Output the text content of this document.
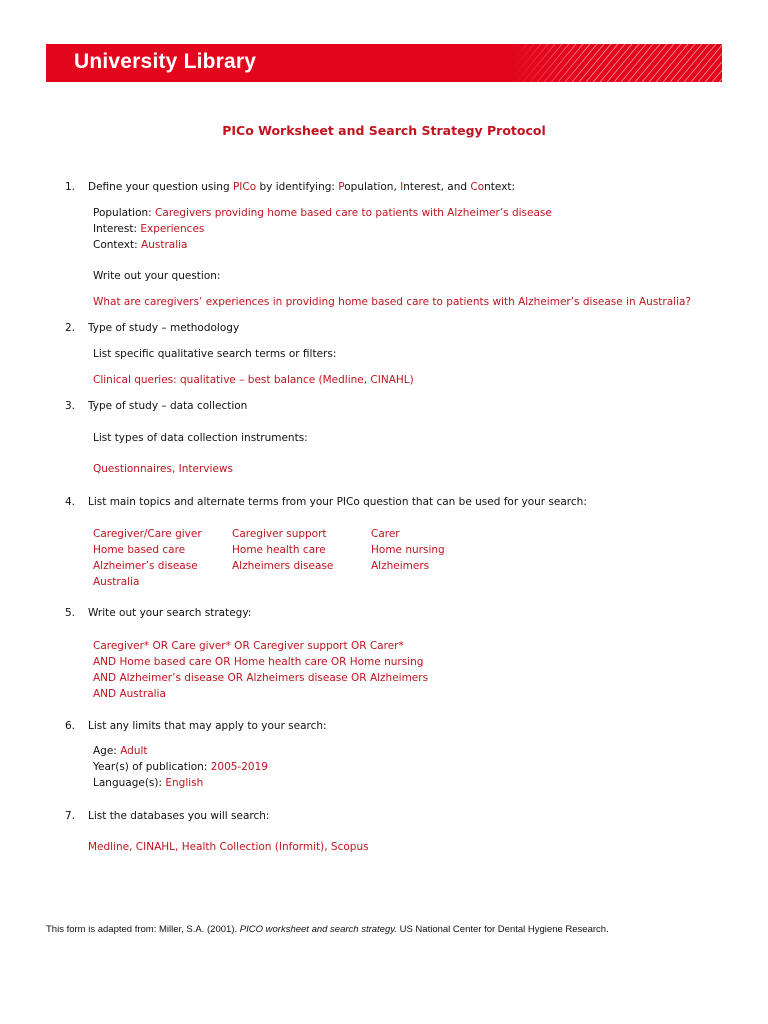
University Library
PICo Worksheet and Search Strategy Protocol
1. Define your question using PICo by identifying: Population, Interest, and Context:
Population: Caregivers providing home based care to patients with Alzheimer’s disease
Interest: Experiences
Context: Australia
Write out your question:
What are caregivers’ experiences in providing home based care to patients with Alzheimer’s disease in Australia?
2. Type of study – methodology
List specific qualitative search terms or filters:
Clinical queries: qualitative – best balance (Medline, CINAHL)
3. Type of study – data collection
List types of data collection instruments:
Questionnaires, Interviews
4. List main topics and alternate terms from your PICo question that can be used for your search:
Caregiver/Care giver	Caregiver support	Carer
Home based care	Home health care	Home nursing
Alzheimer’s disease	Alzheimers disease	Alzheimers
Australia
5. Write out your search strategy:
Caregiver* OR Care giver* OR Caregiver support OR Carer*
AND Home based care OR Home health care OR Home nursing
AND Alzheimer’s disease OR Alzheimers disease OR Alzheimers
AND Australia
6. List any limits that may apply to your search:
Age: Adult
Year(s) of publication: 2005-2019
Language(s): English
7. List the databases you will search:
Medline, CINAHL, Health Collection (Informit), Scopus
This form is adapted from: Miller, S.A. (2001). PICO worksheet and search strategy. US National Center for Dental Hygiene Research.
